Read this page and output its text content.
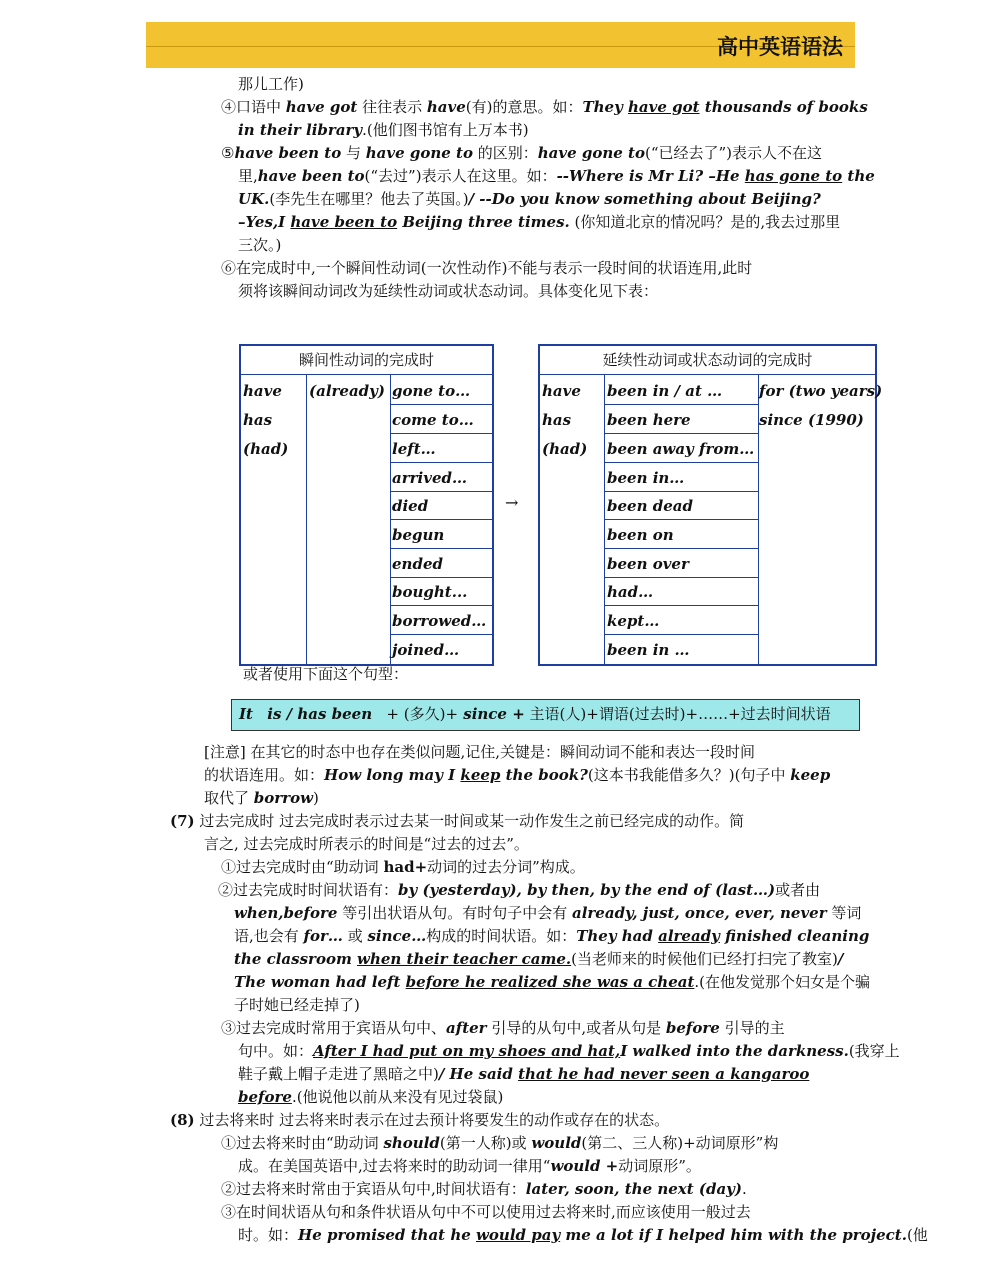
高中英语语法
那儿工作)
④口语中 have got 往往表示 have(有)的意思。如：They have got thousands of books
in their library.(他们图书馆有上万本书)
⑤have been to 与 have gone to 的区别：have gone to(“已经去了”)表示人不在这
里,have been to(“去过”)表示人在这里。如：--Where is Mr Li? –He has gone to the
UK.(李先生在哪里？他去了英国。)/ --Do you know something about Beijing?
–Yes,I have been to Beijing three times. (你知道北京的情况吗？是的,我去过那里
三次。)
⑥在完成时中,一个瞬间性动词(一次性动作)不能与表示一段时间的状语连用,此时
须将该瞬间动词改为延续性动词或状态动词。具体变化见下表：
瞬间性动词的完成时
have
has
(had)
(already) gone to…
come to…
left…
arrived…
died
begun
ended
bought...
borrowed…
joined…
→
延续性动词或状态动词的完成时
have
has
(had)
for (two years)
since (1990)
been in / at …
been here
been away from…
been in…
been dead
been on
been over
had…
kept…
been in …
或者使用下面这个句型：
It is / has been + (多久)+ since + 主语(人)+谓语(过去时)+……+过去时间状语
[注意] 在其它的时态中也存在类似问题,记住,关键是：瞬间动词不能和表达一段时间
的状语连用。如：How long may I keep the book?(这本书我能借多久？)(句子中 keep
取代了 borrow)
(7) 过去完成时 过去完成时表示过去某一时间或某一动作发生之前已经完成的动作。简
言之, 过去完成时所表示的时间是“过去的过去”。
①过去完成时由“助动词 had+动词的过去分词”构成。
②过去完成时时间状语有：by (yesterday), by then, by the end of (last…)或者由
when,before 等引出状语从句。有时句子中会有 already, just, once, ever, never 等词
语,也会有 for… 或 since…构成的时间状语。如：They had already finished cleaning
the classroom when their teacher came.(当老师来的时候他们已经打扫完了教室)/
The woman had left before he realized she was a cheat.(在他发觉那个妇女是个骗
子时她已经走掉了)
③过去完成时常用于宾语从句中、after 引导的从句中,或者从句是 before 引导的主
句中。如：After I had put on my shoes and hat,I walked into the darkness.(我穿上
鞋子戴上帽子走进了黑暗之中)/ He said that he had never seen a kangaroo
before.(他说他以前从来没有见过袋鼠)
(8) 过去将来时 过去将来时表示在过去预计将要发生的动作或存在的状态。
①过去将来时由“助动词 should(第一人称)或 would(第二、三人称)+动词原形”构
成。在美国英语中,过去将来时的助动词一律用“would +动词原形”。
②过去将来时常由于宾语从句中,时间状语有：later, soon, the next (day).
③在时间状语从句和条件状语从句中不可以使用过去将来时,而应该使用一般过去
时。如：He promised that he would pay me a lot if I helped him with the project.(他
